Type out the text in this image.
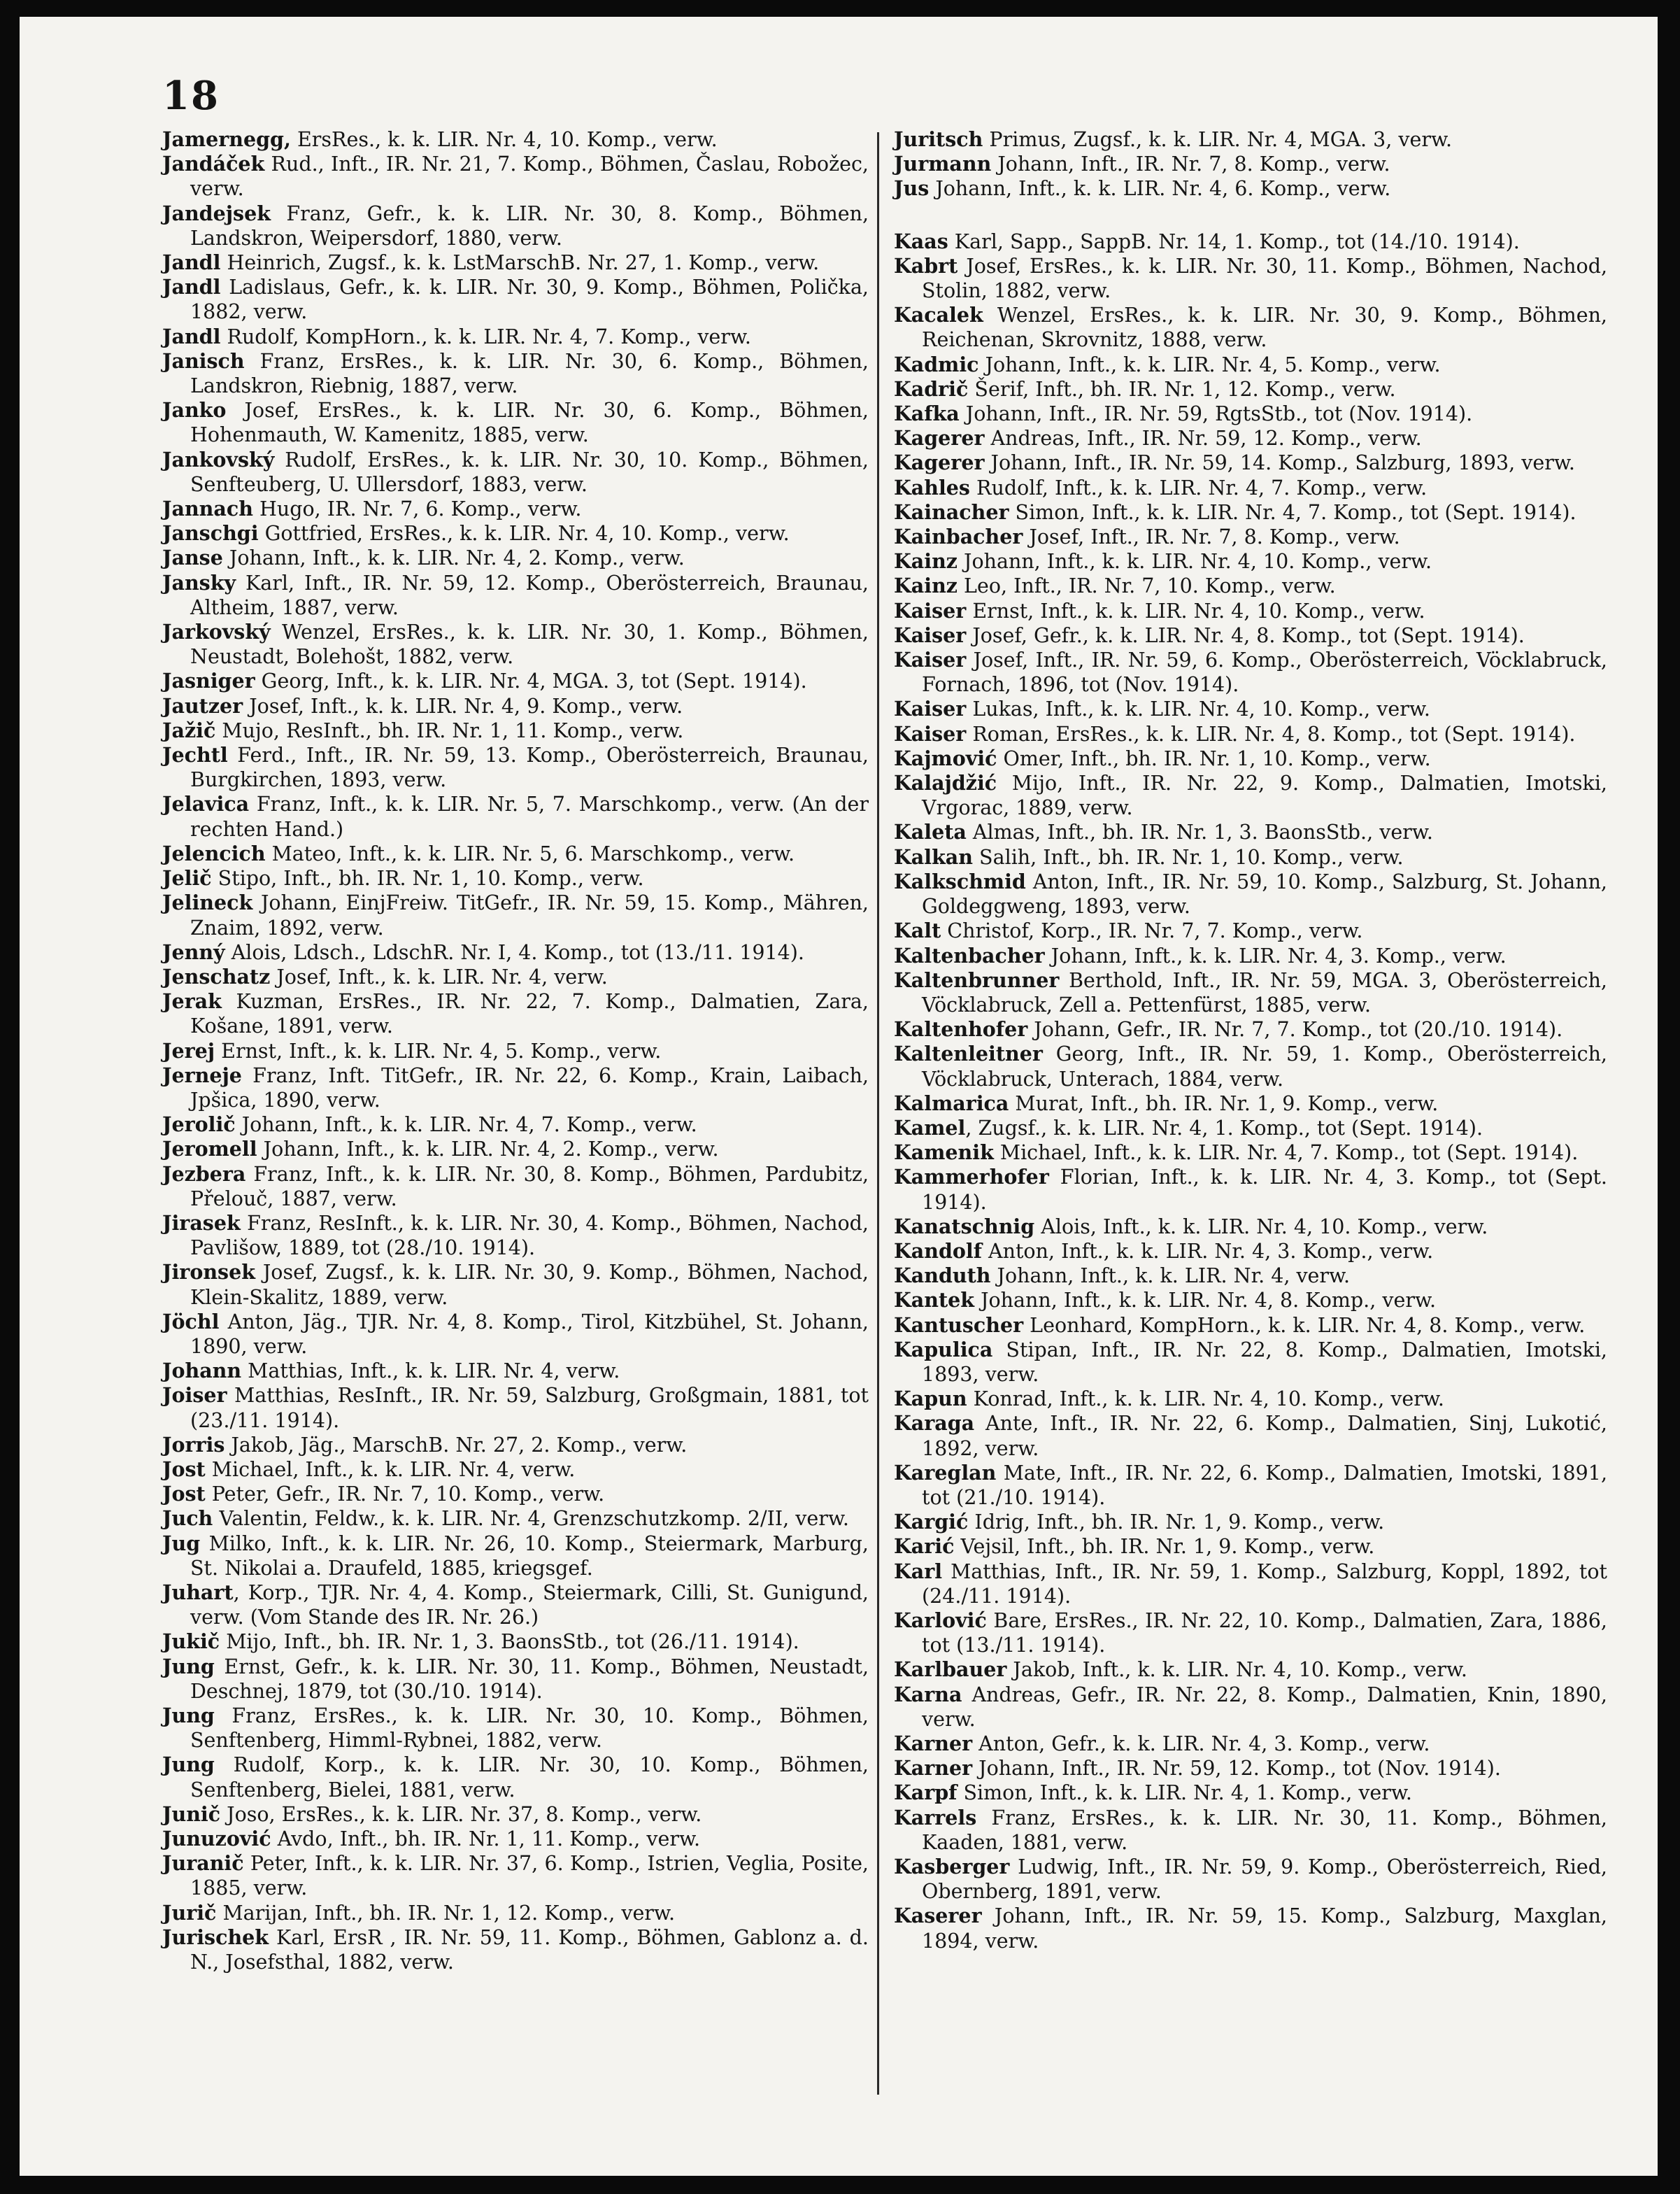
18

Jamernegg, ErsRes., k. k. LIR. Nr. 4, 10. Komp., verw.

Jandáček Rud., Inft., IR. Nr. 21, 7. Komp., Böhmen, Časlau, Robožec, verw.

Jandejsek Franz, Gefr., k. k. LIR. Nr. 30, 8. Komp., Böhmen, Landskron, Weipersdorf, 1880, verw.

Jandl Heinrich, Zugsf., k. k. LstMarschB. Nr. 27, 1. Komp., verw.

Jandl Ladislaus, Gefr., k. k. LIR. Nr. 30, 9. Komp., Böhmen, Polička, 1882, verw.

Jandl Rudolf, KompHorn., k. k. LIR. Nr. 4, 7. Komp., verw.

Janisch Franz, ErsRes., k. k. LIR. Nr. 30, 6. Komp., Böhmen, Landskron, Riebnig, 1887, verw.

Janko Josef, ErsRes., k. k. LIR. Nr. 30, 6. Komp., Böhmen, Hohenmauth, W. Kamenitz, 1885, verw.

Jankovský Rudolf, ErsRes., k. k. LIR. Nr. 30, 10. Komp., Böhmen, Senfteuberg, U. Ullersdorf, 1883, verw.

Jannach Hugo, IR. Nr. 7, 6. Komp., verw.

Janschgi Gottfried, ErsRes., k. k. LIR. Nr. 4, 10. Komp., verw.

Janse Johann, Inft., k. k. LIR. Nr. 4, 2. Komp., verw.

Jansky Karl, Inft., IR. Nr. 59, 12. Komp., Oberösterreich, Braunau, Altheim, 1887, verw.

Jarkovský Wenzel, ErsRes., k. k. LIR. Nr. 30, 1. Komp., Böhmen, Neustadt, Bolehošt, 1882, verw.

Jasniger Georg, Inft., k. k. LIR. Nr. 4, MGA. 3, tot (Sept. 1914).

Jautzer Josef, Inft., k. k. LIR. Nr. 4, 9. Komp., verw.

Jažič Mujo, ResInft., bh. IR. Nr. 1, 11. Komp., verw.

Jechtl Ferd., Inft., IR. Nr. 59, 13. Komp., Oberösterreich, Braunau, Burgkirchen, 1893, verw.

Jelavica Franz, Inft., k. k. LIR. Nr. 5, 7. Marschkomp., verw. (An der rechten Hand.)

Jelencich Mateo, Inft., k. k. LIR. Nr. 5, 6. Marschkomp., verw.

Jelič Stipo, Inft., bh. IR. Nr. 1, 10. Komp., verw.

Jelineck Johann, EinjFreiw. TitGefr., IR. Nr. 59, 15. Komp., Mähren, Znaim, 1892, verw.

Jenný Alois, Ldsch., LdschR. Nr. I, 4. Komp., tot (13./11. 1914).

Jenschatz Josef, Inft., k. k. LIR. Nr. 4, verw.

Jerak Kuzman, ErsRes., IR. Nr. 22, 7. Komp., Dalmatien, Zara, Košane, 1891, verw.

Jerej Ernst, Inft., k. k. LIR. Nr. 4, 5. Komp., verw.

Jerneje Franz, Inft. TitGefr., IR. Nr. 22, 6. Komp., Krain, Laibach, Jpšica, 1890, verw.

Jerolič Johann, Inft., k. k. LIR. Nr. 4, 7. Komp., verw.

Jeromell Johann, Inft., k. k. LIR. Nr. 4, 2. Komp., verw.

Jezbera Franz, Inft., k. k. LIR. Nr. 30, 8. Komp., Böhmen, Pardubitz, Přelouč, 1887, verw.

Jirasek Franz, ResInft., k. k. LIR. Nr. 30, 4. Komp., Böhmen, Nachod, Pavlišow, 1889, tot (28./10. 1914).

Jironsek Josef, Zugsf., k. k. LIR. Nr. 30, 9. Komp., Böhmen, Nachod, Klein-Skalitz, 1889, verw.

Jöchl Anton, Jäg., TJR. Nr. 4, 8. Komp., Tirol, Kitzbühel, St. Johann, 1890, verw.

Johann Matthias, Inft., k. k. LIR. Nr. 4, verw.

Joiser Matthias, ResInft., IR. Nr. 59, Salzburg, Großgmain, 1881, tot (23./11. 1914).

Jorris Jakob, Jäg., MarschB. Nr. 27, 2. Komp., verw.

Jost Michael, Inft., k. k. LIR. Nr. 4, verw.

Jost Peter, Gefr., IR. Nr. 7, 10. Komp., verw.

Juch Valentin, Feldw., k. k. LIR. Nr. 4, Grenzschutzkomp. 2/II, verw.

Jug Milko, Inft., k. k. LIR. Nr. 26, 10. Komp., Steiermark, Marburg, St. Nikolai a. Draufeld, 1885, kriegsgef.

Juhart, Korp., TJR. Nr. 4, 4. Komp., Steiermark, Cilli, St. Gunigund, verw. (Vom Stande des IR. Nr. 26.)

Jukič Mijo, Inft., bh. IR. Nr. 1, 3. BaonsStb., tot (26./11. 1914).

Jung Ernst, Gefr., k. k. LIR. Nr. 30, 11. Komp., Böhmen, Neustadt, Deschnej, 1879, tot (30./10. 1914).

Jung Franz, ErsRes., k. k. LIR. Nr. 30, 10. Komp., Böhmen, Senftenberg, Himml-Rybnei, 1882, verw.

Jung Rudolf, Korp., k. k. LIR. Nr. 30, 10. Komp., Böhmen, Senftenberg, Bielei, 1881, verw.

Junič Joso, ErsRes., k. k. LIR. Nr. 37, 8. Komp., verw.

Junuzović Avdo, Inft., bh. IR. Nr. 1, 11. Komp., verw.

Juranič Peter, Inft., k. k. LIR. Nr. 37, 6. Komp., Istrien, Veglia, Posite, 1885, verw.

Jurič Marijan, Inft., bh. IR. Nr. 1, 12. Komp., verw.

Jurischek Karl, ErsR , IR. Nr. 59, 11. Komp., Böhmen, Gablonz a. d. N., Josefsthal, 1882, verw.

Juritsch Primus, Zugsf., k. k. LIR. Nr. 4, MGA. 3, verw.

Jurmann Johann, Inft., IR. Nr. 7, 8. Komp., verw.

Jus Johann, Inft., k. k. LIR. Nr. 4, 6. Komp., verw.

Kaas Karl, Sapp., SappB. Nr. 14, 1. Komp., tot (14./10. 1914).

Kabrt Josef, ErsRes., k. k. LIR. Nr. 30, 11. Komp., Böhmen, Nachod, Stolin, 1882, verw.

Kacalek Wenzel, ErsRes., k. k. LIR. Nr. 30, 9. Komp., Böhmen, Reichenan, Skrovnitz, 1888, verw.

Kadmic Johann, Inft., k. k. LIR. Nr. 4, 5. Komp., verw.

Kadrič Šerif, Inft., bh. IR. Nr. 1, 12. Komp., verw.

Kafka Johann, Inft., IR. Nr. 59, RgtsStb., tot (Nov. 1914).

Kagerer Andreas, Inft., IR. Nr. 59, 12. Komp., verw.

Kagerer Johann, Inft., IR. Nr. 59, 14. Komp., Salzburg, 1893, verw.

Kahles Rudolf, Inft., k. k. LIR. Nr. 4, 7. Komp., verw.

Kainacher Simon, Inft., k. k. LIR. Nr. 4, 7. Komp., tot (Sept. 1914).

Kainbacher Josef, Inft., IR. Nr. 7, 8. Komp., verw.

Kainz Johann, Inft., k. k. LIR. Nr. 4, 10. Komp., verw.

Kainz Leo, Inft., IR. Nr. 7, 10. Komp., verw.

Kaiser Ernst, Inft., k. k. LIR. Nr. 4, 10. Komp., verw.

Kaiser Josef, Gefr., k. k. LIR. Nr. 4, 8. Komp., tot (Sept. 1914).

Kaiser Josef, Inft., IR. Nr. 59, 6. Komp., Oberösterreich, Vöcklabruck, Fornach, 1896, tot (Nov. 1914).

Kaiser Lukas, Inft., k. k. LIR. Nr. 4, 10. Komp., verw.

Kaiser Roman, ErsRes., k. k. LIR. Nr. 4, 8. Komp., tot (Sept. 1914).

Kajmović Omer, Inft., bh. IR. Nr. 1, 10. Komp., verw.

Kalajdžić Mijo, Inft., IR. Nr. 22, 9. Komp., Dalmatien, Imotski, Vrgorac, 1889, verw.

Kaleta Almas, Inft., bh. IR. Nr. 1, 3. BaonsStb., verw.

Kalkan Salih, Inft., bh. IR. Nr. 1, 10. Komp., verw.

Kalkschmid Anton, Inft., IR. Nr. 59, 10. Komp., Salzburg, St. Johann, Goldeggweng, 1893, verw.

Kalt Christof, Korp., IR. Nr. 7, 7. Komp., verw.

Kaltenbacher Johann, Inft., k. k. LIR. Nr. 4, 3. Komp., verw.

Kaltenbrunner Berthold, Inft., IR. Nr. 59, MGA. 3, Oberösterreich, Vöcklabruck, Zell a. Pettenfürst, 1885, verw.

Kaltenhofer Johann, Gefr., IR. Nr. 7, 7. Komp., tot (20./10. 1914).

Kaltenleitner Georg, Inft., IR. Nr. 59, 1. Komp., Oberösterreich, Vöcklabruck, Unterach, 1884, verw.

Kalmarica Murat, Inft., bh. IR. Nr. 1, 9. Komp., verw.

Kamel, Zugsf., k. k. LIR. Nr. 4, 1. Komp., tot (Sept. 1914).

Kamenik Michael, Inft., k. k. LIR. Nr. 4, 7. Komp., tot (Sept. 1914).

Kammerhofer Florian, Inft., k. k. LIR. Nr. 4, 3. Komp., tot (Sept. 1914).

Kanatschnig Alois, Inft., k. k. LIR. Nr. 4, 10. Komp., verw.

Kandolf Anton, Inft., k. k. LIR. Nr. 4, 3. Komp., verw.

Kanduth Johann, Inft., k. k. LIR. Nr. 4, verw.

Kantek Johann, Inft., k. k. LIR. Nr. 4, 8. Komp., verw.

Kantuscher Leonhard, KompHorn., k. k. LIR. Nr. 4, 8. Komp., verw.

Kapulica Stipan, Inft., IR. Nr. 22, 8. Komp., Dalmatien, Imotski, 1893, verw.

Kapun Konrad, Inft., k. k. LIR. Nr. 4, 10. Komp., verw.

Karaga Ante, Inft., IR. Nr. 22, 6. Komp., Dalmatien, Sinj, Lukotić, 1892, verw.

Kareglan Mate, Inft., IR. Nr. 22, 6. Komp., Dalmatien, Imotski, 1891, tot (21./10. 1914).

Kargić Idrig, Inft., bh. IR. Nr. 1, 9. Komp., verw.

Karić Vejsil, Inft., bh. IR. Nr. 1, 9. Komp., verw.

Karl Matthias, Inft., IR. Nr. 59, 1. Komp., Salzburg, Koppl, 1892, tot (24./11. 1914).

Karlović Bare, ErsRes., IR. Nr. 22, 10. Komp., Dalmatien, Zara, 1886, tot (13./11. 1914).

Karlbauer Jakob, Inft., k. k. LIR. Nr. 4, 10. Komp., verw.

Karna Andreas, Gefr., IR. Nr. 22, 8. Komp., Dalmatien, Knin, 1890, verw.

Karner Anton, Gefr., k. k. LIR. Nr. 4, 3. Komp., verw.

Karner Johann, Inft., IR. Nr. 59, 12. Komp., tot (Nov. 1914).

Karpf Simon, Inft., k. k. LIR. Nr. 4, 1. Komp., verw.

Karrels Franz, ErsRes., k. k. LIR. Nr. 30, 11. Komp., Böhmen, Kaaden, 1881, verw.

Kasberger Ludwig, Inft., IR. Nr. 59, 9. Komp., Oberösterreich, Ried, Obernberg, 1891, verw.

Kaserer Johann, Inft., IR. Nr. 59, 15. Komp., Salzburg, Maxglan, 1894, verw.
